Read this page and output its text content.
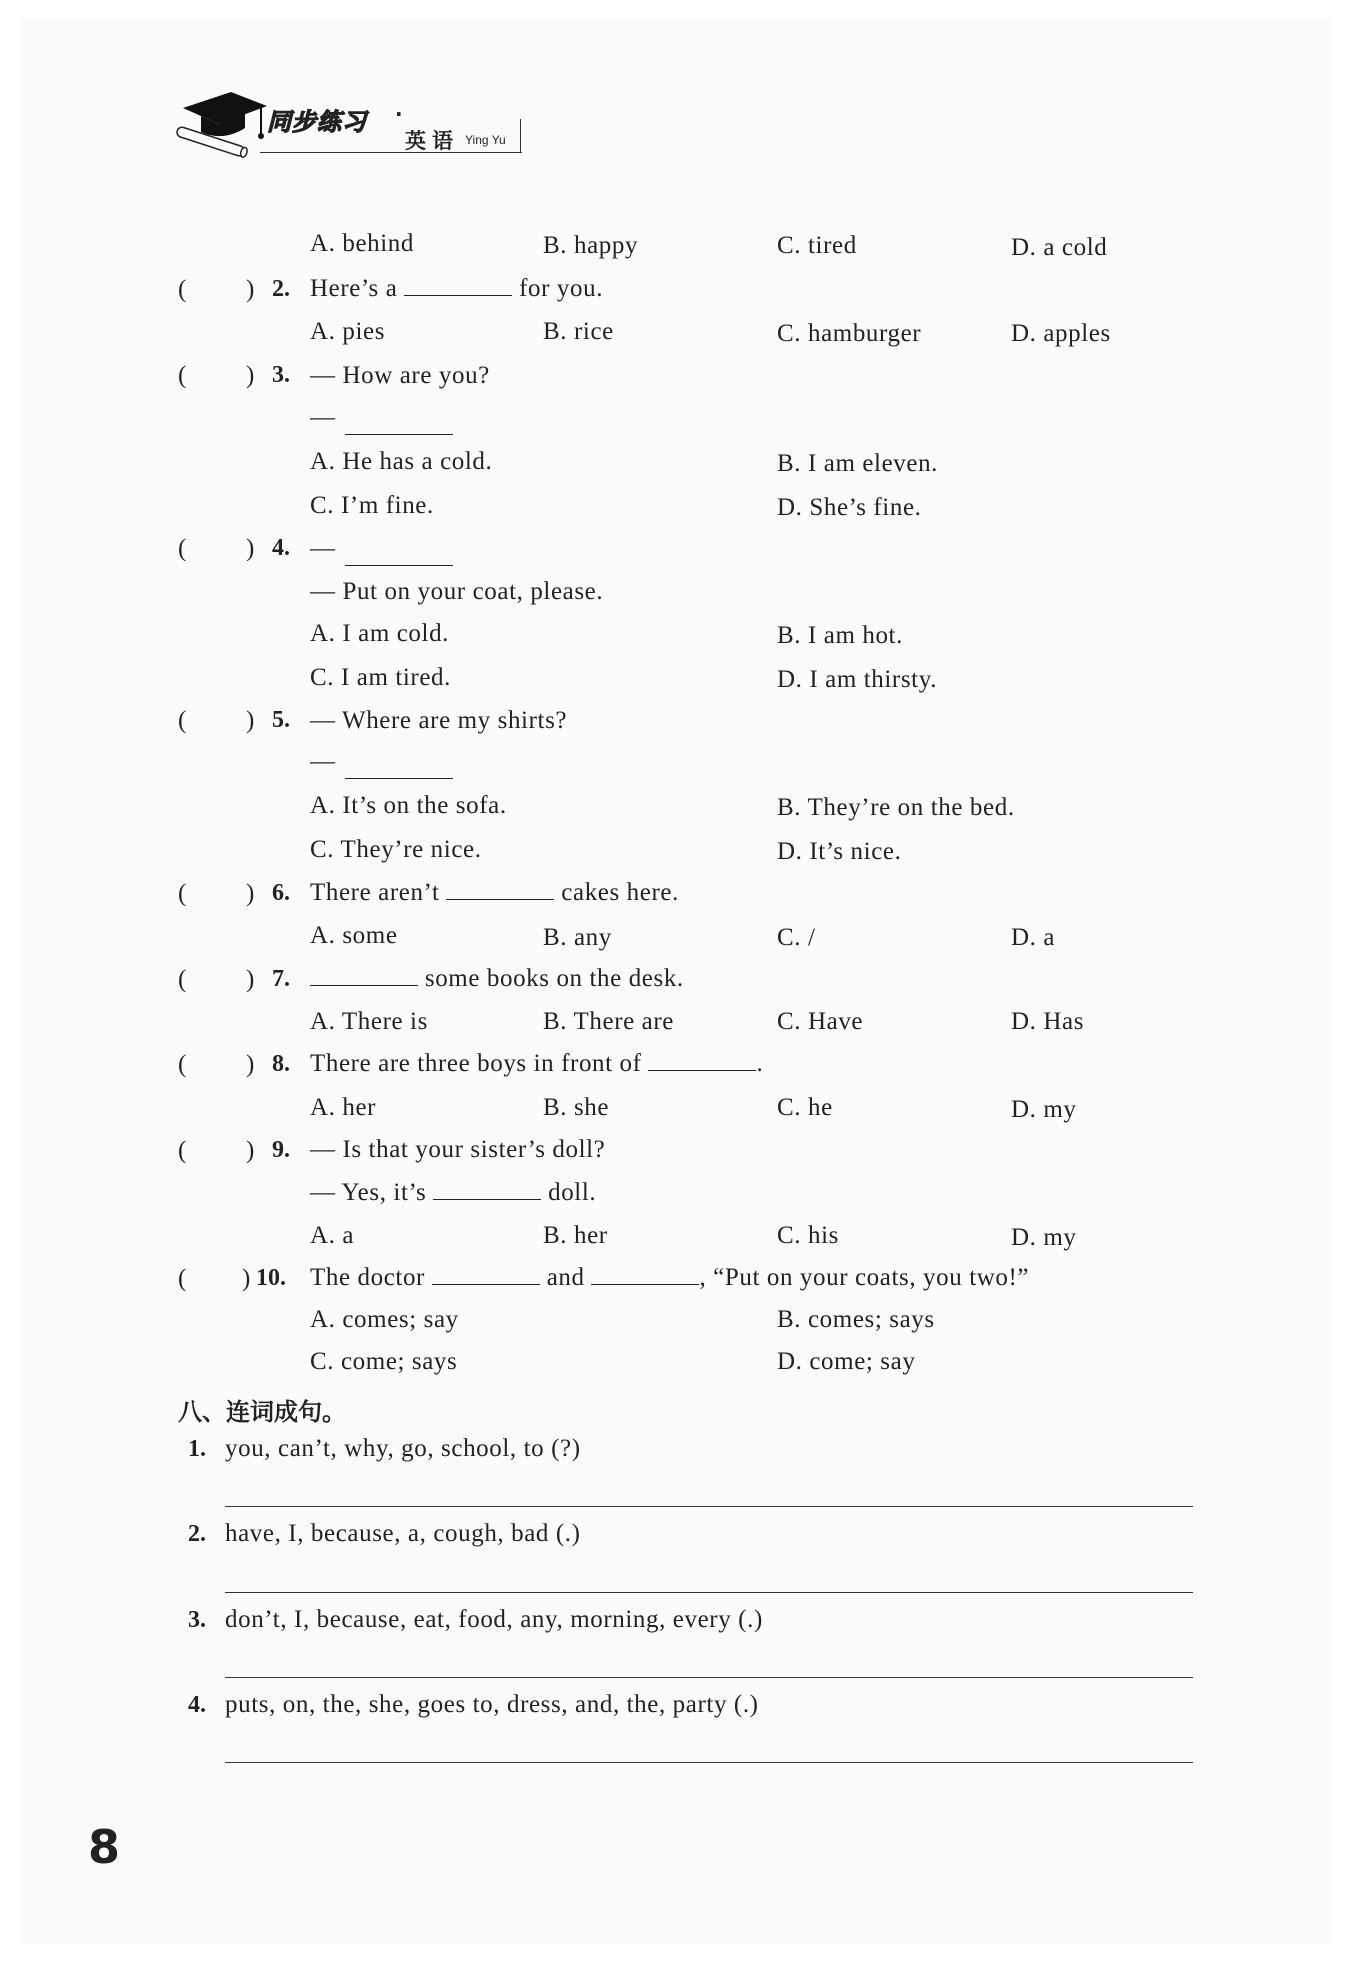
同步练习 ·
英语 Ying Yu
A. behind	B. happy	C. tired	D. a cold
( ) 2. Here’s a	for you.
A. pies	B. rice	C. hamburger	D. apples
( ) 3. — How are you?
—
A. He has a cold.	B. I am eleven.
C. I’m fine.	D. She’s fine.
( ) 4. —
— Put on your coat, please.
A. I am cold.	B. I am hot.
C. I am tired.	D. I am thirsty.
( ) 5. — Where are my shirts?
—
A. It’s on the sofa.	B. They’re on the bed.
C. They’re nice.	D. It’s nice.
( ) 6. There aren’t	cakes here.
A. some	B. any	C. /	D. a
( ) 7.	some books on the desk.
A. There is	B. There are	C. Have	D. Has
( ) 8. There are three boys in front of	.
A. her	B. she	C. he	D. my
( ) 9. — Is that your sister’s doll?
— Yes, it’s	doll.
A. a	B. her	C. his	D. my
( ) 10. The doctor	and	, “Put on your coats, you two!”
A. comes; say	B. comes; says
C. come; says	D. come; say
八、连词成句。
1. you, can’t, why, go, school, to (?)
2. have, I, because, a, cough, bad (.)
3. don’t, I, because, eat, food, any, morning, every (.)
4. puts, on, the, she, goes to, dress, and, the, party (.)
8
